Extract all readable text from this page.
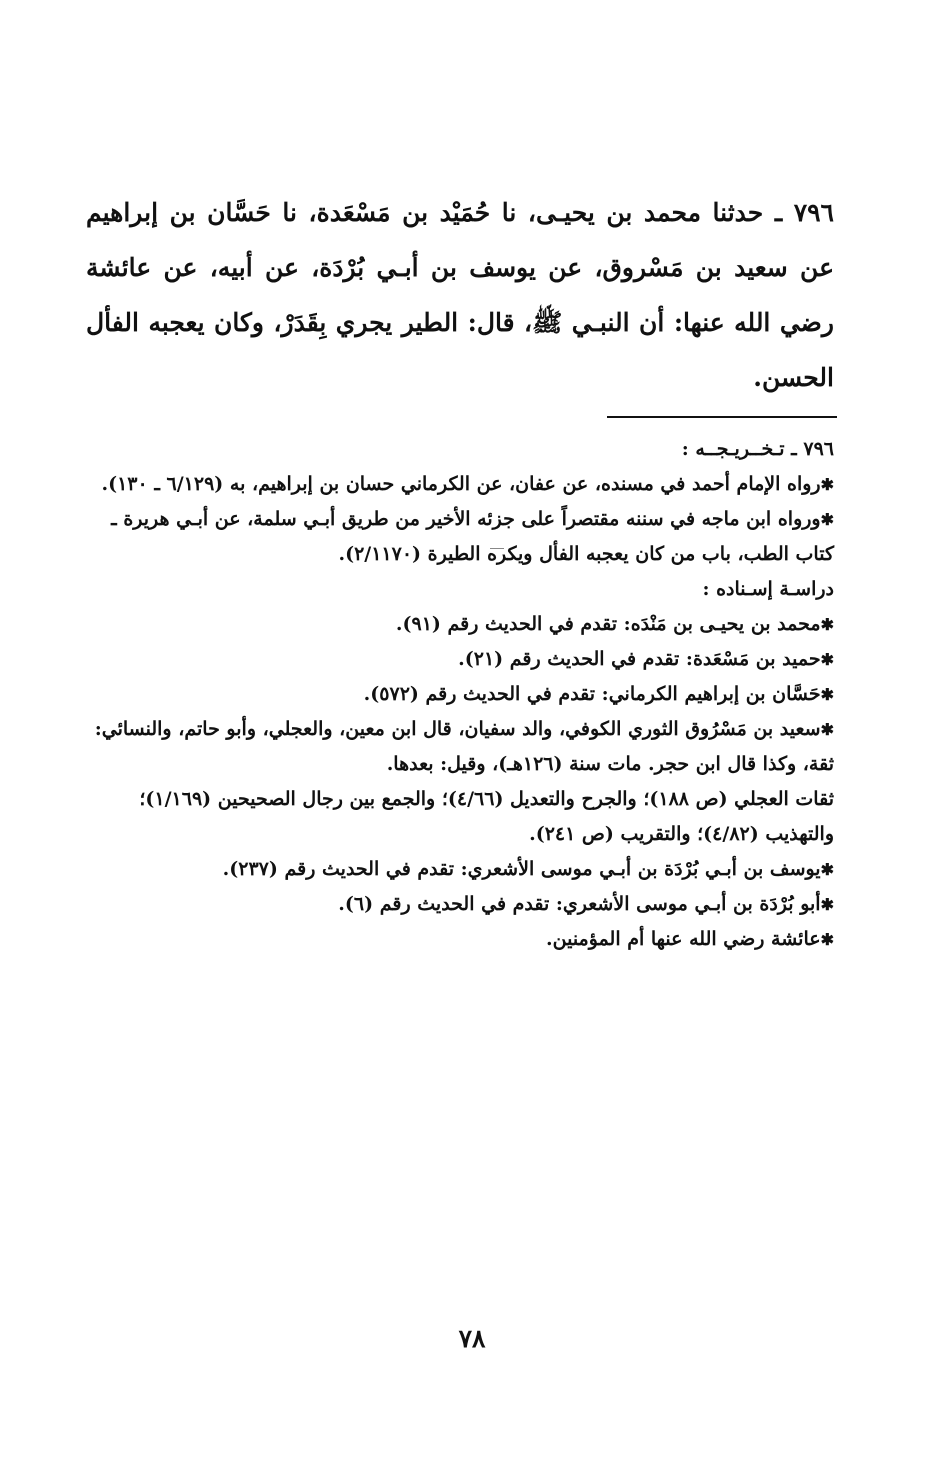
٧٩٦ ـ حدثنا محمد بن يحيـى، نا حُمَيْد بن مَسْعَدة، نا حَسَّان بن إبراهيم عن سعيد بن مَسْروق، عن يوسف بن أبـي بُرْدَة، عن أبيه، عن عائشة رضي الله عنها: أن النبـي ﷺ، قال: الطير يجري بِقَدَرْ، وكان يعجبه الفأل الحسن.

٧٩٦ ـ تـخــريـجــه :

✱ رواه الإمام أحمد في مسنده، عن عفان، عن الكرماني حسان بن إبراهيم، به (٦/١٢٩ ـ ١٣٠).

✱ ورواه ابن ماجه في سننه مقتصراً على جزئه الأخير من طريق أبـي سلمة، عن أبـي هريرة ـ كتاب الطب، باب من كان يعجبه الفأل ويكره الطيرة (٢/١١٧٠).

دراسـة إسـناده :

✱ محمد بن يحيـى بن مَنْدَه: تقدم في الحديث رقم (٩١).

✱ حميد بن مَسْعَدة: تقدم في الحديث رقم (٢١).

✱ حَسَّان بن إبراهيم الكرماني: تقدم في الحديث رقم (٥٧٢).

✱ سعيد بن مَسْرُوق الثوري الكوفي، والد سفيان، قال ابن معين، والعجلي، وأبو حاتم، والنسائي: ثقة، وكذا قال ابن حجر. مات سنة (١٢٦هـ)، وقيل: بعدها.

ثقات العجلي (ص ١٨٨)؛ والجرح والتعديل (٤/٦٦)؛ والجمع بين رجال الصحيحين (١/١٦٩)؛ والتهذيب (٤/٨٢)؛ والتقريب (ص ٢٤١).

✱ يوسف بن أبـي بُرْدَة بن أبـي موسى الأشعري: تقدم في الحديث رقم (٢٣٧).

✱ أبو بُرْدَة بن أبـي موسى الأشعري: تقدم في الحديث رقم (٦).

✱ عائشة رضي الله عنها أم المؤمنين.

٧٨
